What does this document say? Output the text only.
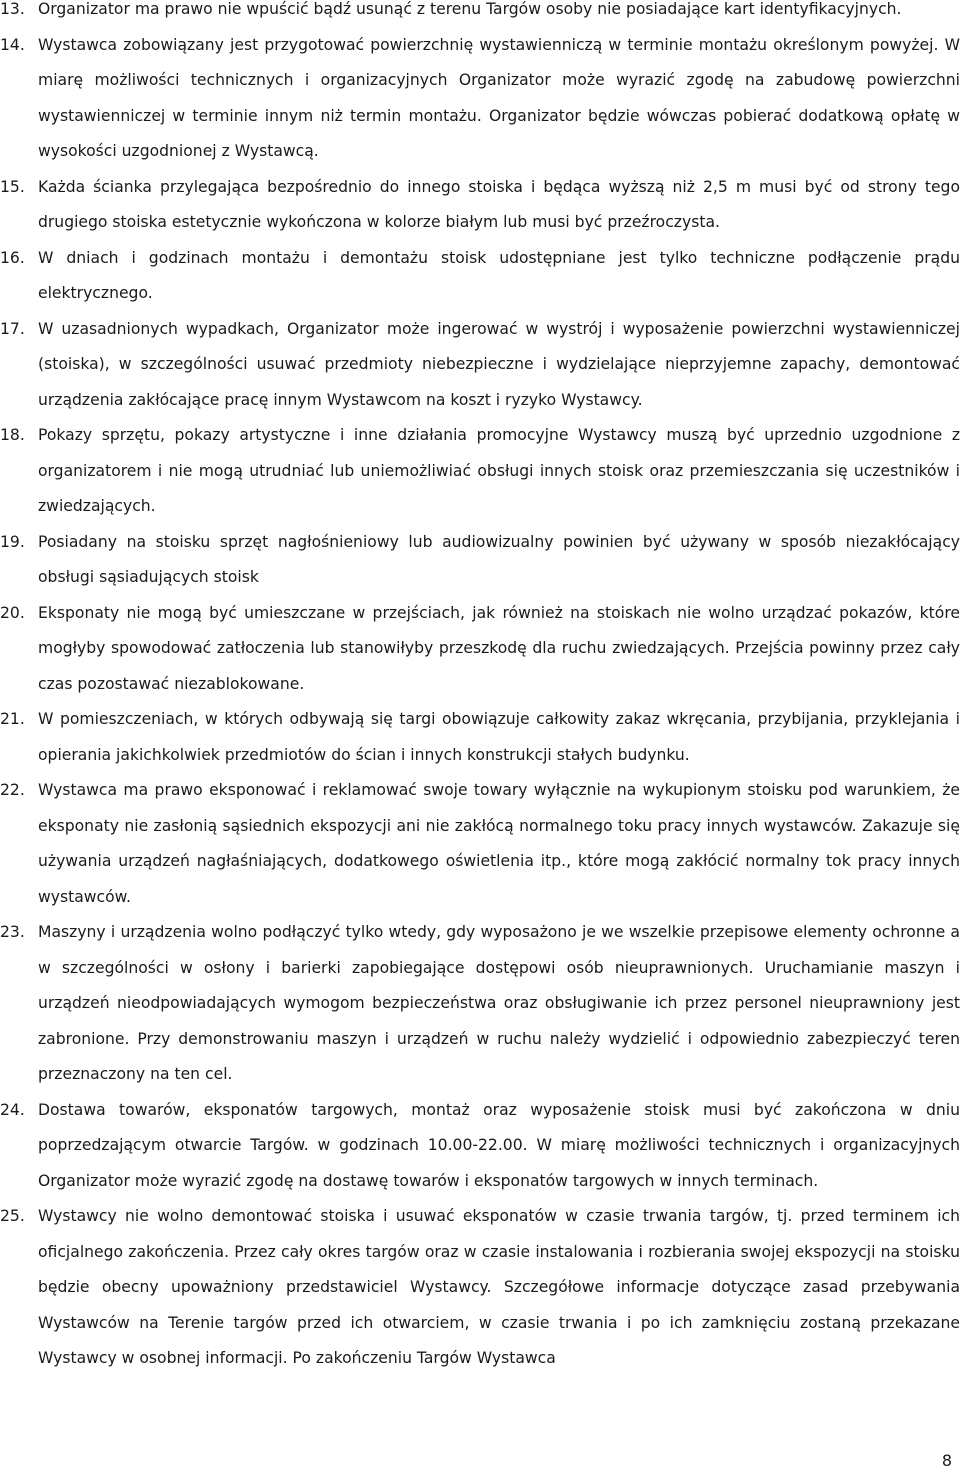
13. Organizator ma prawo nie wpuścić bądź usunąć z terenu Targów osoby nie posiadające kart identyfikacyjnych.
14. Wystawca zobowiązany jest przygotować powierzchnię wystawienniczą w terminie montażu określonym powyżej. W miarę możliwości technicznych i organizacyjnych Organizator może wyrazić zgodę na zabudowę powierzchni wystawienniczej w terminie innym niż termin montażu. Organizator będzie wówczas pobierać dodatkową opłatę w wysokości uzgodnionej z Wystawcą.
15. Każda ścianka przylegająca bezpośrednio do innego stoiska i będąca wyższą niż 2,5 m musi być od strony tego drugiego stoiska estetycznie wykończona w kolorze białym lub musi być przeźroczysta.
16. W dniach i godzinach montażu i demontażu stoisk udostępniane jest tylko techniczne podłączenie prądu elektrycznego.
17. W uzasadnionych wypadkach, Organizator może ingerować w wystrój i wyposażenie powierzchni wystawienniczej (stoiska), w szczególności usuwać przedmioty niebezpieczne i wydzielające nieprzyjemne zapachy, demontować urządzenia zakłócające pracę innym Wystawcom na koszt i ryzyko Wystawcy.
18. Pokazy sprzętu, pokazy artystyczne i inne działania promocyjne Wystawcy muszą być uprzednio uzgodnione z organizatorem i nie mogą utrudniać lub uniemożliwiać obsługi innych stoisk oraz przemieszczania się uczestników i zwiedzających.
19. Posiadany na stoisku sprzęt nagłośnieniowy lub audiowizualny powinien być używany w sposób niezakłócający obsługi sąsiadujących stoisk
20. Eksponaty nie mogą być umieszczane w przejściach, jak również na stoiskach nie wolno urządzać pokazów, które mogłyby spowodować zatłoczenia lub stanowiłyby przeszkodę dla ruchu zwiedzających. Przejścia powinny przez cały czas pozostawać niezablokowane.
21. W pomieszczeniach, w których odbywają się targi obowiązuje całkowity zakaz wkręcania, przybijania, przyklejania i opierania jakichkolwiek przedmiotów do ścian i innych konstrukcji stałych budynku.
22. Wystawca ma prawo eksponować i reklamować swoje towary wyłącznie na wykupionym stoisku pod warunkiem, że eksponaty nie zasłonią sąsiednich ekspozycji ani nie zakłócą normalnego toku pracy innych wystawców. Zakazuje się używania urządzeń nagłaśniających, dodatkowego oświetlenia itp., które mogą zakłócić normalny tok pracy innych wystawców.
23. Maszyny i urządzenia wolno podłączyć tylko wtedy, gdy wyposażono je we wszelkie przepisowe elementy ochronne a w szczególności w osłony i barierki zapobiegające dostępowi osób nieuprawnionych. Uruchamianie maszyn i urządzeń nieodpowiadających wymogom bezpieczeństwa oraz obsługiwanie ich przez personel nieuprawniony jest zabronione. Przy demonstrowaniu maszyn i urządzeń w ruchu należy wydzielić i odpowiednio zabezpieczyć teren przeznaczony na ten cel.
24. Dostawa towarów, eksponatów targowych, montaż oraz wyposażenie stoisk musi być zakończona w dniu poprzedzającym otwarcie Targów. w godzinach 10.00-22.00. W miarę możliwości technicznych i organizacyjnych Organizator może wyrazić zgodę na dostawę towarów i eksponatów targowych w innych terminach.
25. Wystawcy nie wolno demontować stoiska i usuwać eksponatów w czasie trwania targów, tj. przed terminem ich oficjalnego zakończenia. Przez cały okres targów oraz w czasie instalowania i rozbierania swojej ekspozycji na stoisku będzie obecny upoważniony przedstawiciel Wystawcy. Szczegółowe informacje dotyczące zasad przebywania Wystawców na Terenie targów przed ich otwarciem, w czasie trwania i po ich zamknięciu zostaną przekazane Wystawcy w osobnej informacji. Po zakończeniu Targów Wystawca
8
